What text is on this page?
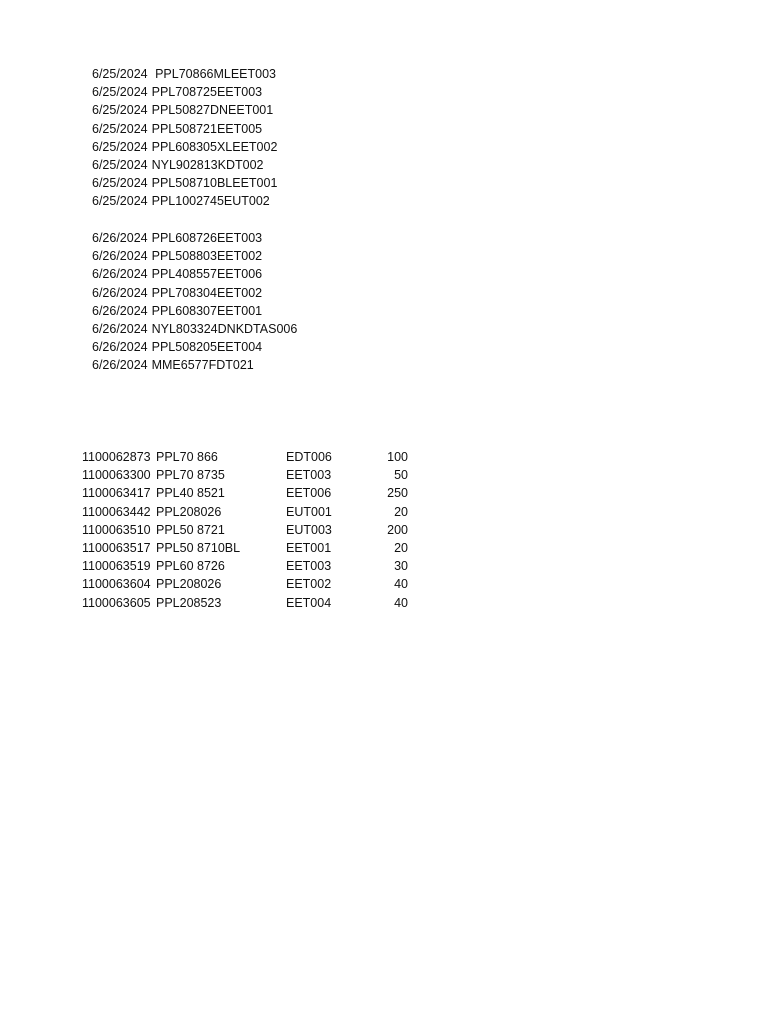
6/25/2024 PPL70866MLEET003
6/25/2024 PPL708725EET003
6/25/2024 PPL50827DNEET001
6/25/2024 PPL508721EET005
6/25/2024 PPL608305XLEET002
6/25/2024 NYL902813KDT002
6/25/2024 PPL508710BLEET001
6/25/2024 PPL1002745EUT002
6/26/2024 PPL608726EET003
6/26/2024 PPL508803EET002
6/26/2024 PPL408557EET006
6/26/2024 PPL708304EET002
6/26/2024 PPL608307EET001
6/26/2024 NYL803324DNKDTAS006
6/26/2024 PPL508205EET004
6/26/2024 MME6577FDT021
1100062873 PPL70 866	EDT006	100
1100063300 PPL70 8735	EET003	50
1100063417 PPL40 8521	EET006	250
1100063442 PPL208026	EUT001	20
1100063510 PPL50 8721	EUT003	200
1100063517 PPL50 8710BL	EET001	20
1100063519 PPL60 8726	EET003	30
1100063604 PPL208026	EET002	40
1100063605 PPL208523	EET004	40
